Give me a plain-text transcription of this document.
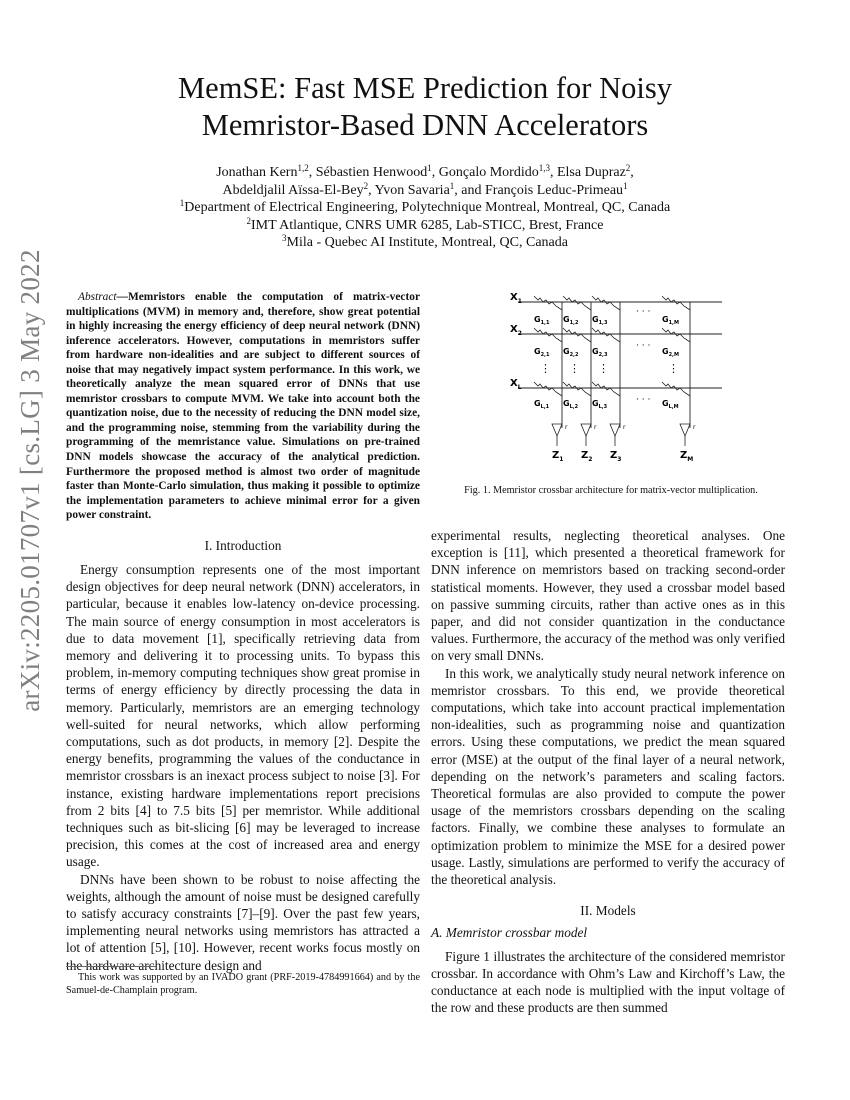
arXiv:2205.01707v1 [cs.LG] 3 May 2022
MemSE: Fast MSE Prediction for Noisy
Memristor-Based DNN Accelerators
Jonathan Kern$^{1,2}$, Sébastien Henwood$^1$, Gonçalo Mordido$^{1,3}$, Elsa Dupraz$^2$,
Abdeldjalil Aïssa-El-Bey$^2$, Yvon Savaria$^1$, and François Leduc-Primeau$^1$
$^1$Department of Electrical Engineering, Polytechnique Montreal, Montreal, QC, Canada
$^2$IMT Atlantique, CNRS UMR 6285, Lab-STICC, Brest, France
$^3$Mila - Quebec AI Institute, Montreal, QC, Canada

Abstract—Memristors enable the computation of matrix-vector multiplications (MVM) in memory and, therefore, show great potential in highly increasing the energy efficiency of deep neural network (DNN) inference accelerators. However, computations in memristors suffer from hardware non-idealities and are subject to different sources of noise that may negatively impact system performance. In this work, we theoretically analyze the mean squared error of DNNs that use memristor crossbars to compute MVM. We take into account both the quantization noise, due to the necessity of reducing the DNN model size, and the programming noise, stemming from the variability during the programming of the memristance value. Simulations on pre-trained DNN models showcase the accuracy of the analytical prediction. Furthermore the proposed method is almost two order of magnitude faster than Monte-Carlo simulation, thus making it possible to optimize the implementation parameters to achieve minimal error for a given power constraint.

I. Introduction

Energy consumption represents one of the most important design objectives for deep neural network (DNN) accelerators, in particular, because it enables low-latency on-device processing. The main source of energy consumption in most accelerators is due to data movement [1], specifically retrieving data from memory and delivering it to processing units. To bypass this problem, in-memory computing techniques show great promise in terms of energy efficiency by directly processing the data in memory. Particularly, memristors are an emerging technology well-suited for neural networks, which allow performing computations, such as dot products, in memory [2]. Despite the energy benefits, programming the values of the conductance in memristor crossbars is an inexact process subject to noise [3]. For instance, existing hardware implementations report precisions from 2 bits [4] to 7.5 bits [5] per memristor. While additional techniques such as bit-slicing [6] may be leveraged to increase precision, this comes at the cost of increased area and energy usage.

DNNs have been shown to be robust to noise affecting the weights, although the amount of noise must be designed carefully to satisfy accuracy constraints [7]–[9]. Over the past few years, implementing neural networks using memristors has attracted a lot of attention [5], [10]. However, recent works focus mostly on the hardware architecture design and

This work was supported by an IVADO grant (PRF-2019-4784991664) and by the Samuel-de-Champlain program.
$X_1$
$X_2$
$X_L$
⋮ ⋮ ⋮	⋮
· · ·
· · ·
· · ·
$G_{1,1}$ $G_{1,2}$ $G_{1,3}$	$G_{1,M}$
$G_{2,1}$ $G_{2,2}$ $G_{2,3}$	$G_{2,M}$
$G_{L,1}$ $G_{L,2}$ $G_{L,3}$	$G_{L,M}$
r	r	r	r
$Z_1$ $Z_2$ $Z_3$	$Z_M$
Fig. 1. Memristor crossbar architecture for matrix-vector multiplication.

experimental results, neglecting theoretical analyses. One exception is [11], which presented a theoretical framework for DNN inference on memristors based on tracking second-order statistical moments. However, they used a crossbar model based on passive summing circuits, rather than active ones as in this paper, and did not consider quantization in the conductance values. Furthermore, the accuracy of the method was only verified on very small DNNs.

In this work, we analytically study neural network inference on memristor crossbars. To this end, we provide theoretical computations, which take into account practical implementation non-idealities, such as programming noise and quantization errors. Using these computations, we predict the mean squared error (MSE) at the output of the final layer of a neural network, depending on the network’s parameters and scaling factors. Theoretical formulas are also provided to compute the power usage of the memristors crossbars depending on the scaling factors. Finally, we combine these analyses to formulate an optimization problem to minimize the MSE for a desired power usage. Lastly, simulations are performed to verify the accuracy of the theoretical analysis.

II. Models

A. Memristor crossbar model

Figure 1 illustrates the architecture of the considered memristor crossbar. In accordance with Ohm’s Law and Kirchoff’s Law, the conductance at each node is multiplied with the input voltage of the row and these products are then summed
